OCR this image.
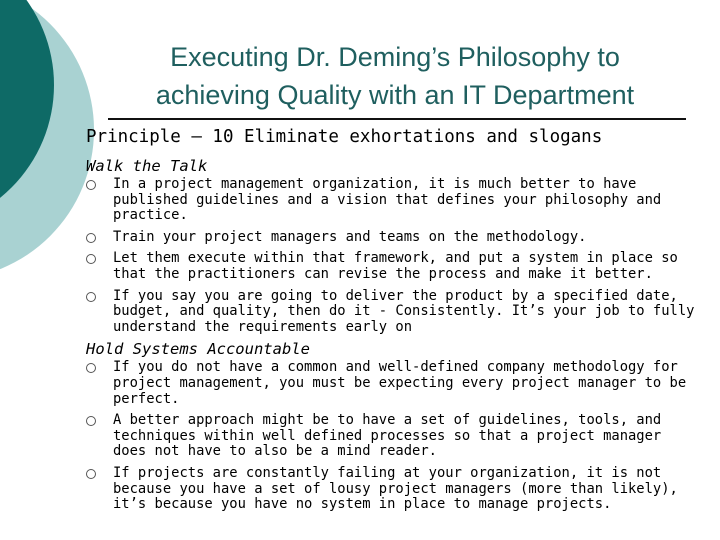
Executing Dr. Deming’s Philosophy to
achieving Quality with an IT Department
Principle – 10 Eliminate exhortations and slogans

Walk the Talk

In a project management organization, it is much better to have published guidelines and a vision that defines your philosophy and practice.
Train your project managers and teams on the methodology.
Let them execute within that framework, and put a system in place so that the practitioners can revise the process and make it better.
If you say you are going to deliver the product by a specified date, budget, and quality, then do it - Consistently. It’s your job to fully understand the requirements early on

Hold Systems Accountable

If you do not have a common and well-defined company methodology for project management, you must be expecting every project manager to be perfect.
A better approach might be to have a set of guidelines, tools, and techniques within well defined processes so that a project manager does not have to also be a mind reader.
If projects are constantly failing at your organization, it is not because you have a set of lousy project managers (more than likely), it’s because you have no system in place to manage projects.
